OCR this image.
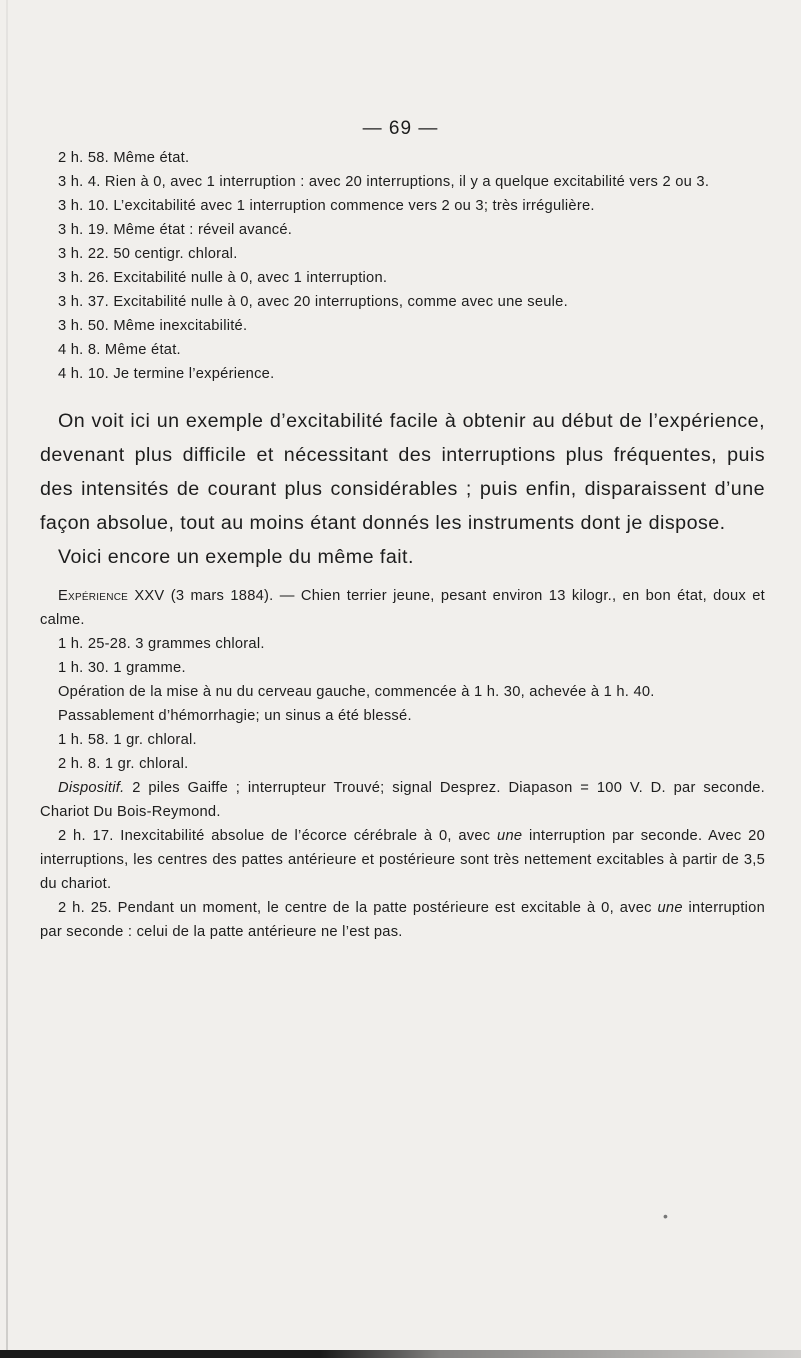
— 69 —

2 h. 58. Même état.

3 h. 4. Rien à 0, avec 1 interruption : avec 20 interruptions, il y a quelque excitabilité vers 2 ou 3.

3 h. 10. L’excitabilité avec 1 interruption commence vers 2 ou 3; très irrégulière.

3 h. 19. Même état : réveil avancé.

3 h. 22. 50 centigr. chloral.

3 h. 26. Excitabilité nulle à 0, avec 1 interruption.

3 h. 37. Excitabilité nulle à 0, avec 20 interruptions, comme avec une seule.

3 h. 50. Même inexcitabilité.

4 h. 8. Même état.

4 h. 10. Je termine l’expérience.

On voit ici un exemple d’excitabilité facile à obtenir au début de l’expérience, devenant plus difficile et nécessitant des interruptions plus fréquentes, puis des intensités de courant plus considérables ; puis enfin, disparaissent d’une façon absolue, tout au moins étant donnés les instruments dont je dispose.

Voici encore un exemple du même fait.

Expérience XXV (3 mars 1884). — Chien terrier jeune, pesant environ 13 kilogr., en bon état, doux et calme.

1 h. 25-28. 3 grammes chloral.

1 h. 30. 1 gramme.

Opération de la mise à nu du cerveau gauche, commencée à 1 h. 30, achevée à 1 h. 40.

Passablement d’hémorrhagie; un sinus a été blessé.

1 h. 58. 1 gr. chloral.

2 h. 8. 1 gr. chloral.

Dispositif. 2 piles Gaiffe ; interrupteur Trouvé; signal Desprez. Diapason = 100 V. D. par seconde. Chariot Du Bois-Reymond.

2 h. 17. Inexcitabilité absolue de l’écorce cérébrale à 0, avec une interruption par seconde. Avec 20 interruptions, les centres des pattes antérieure et postérieure sont très nettement excitables à partir de 3,5 du chariot.

2 h. 25. Pendant un moment, le centre de la patte postérieure est excitable à 0, avec une interruption par seconde : celui de la patte antérieure ne l’est pas.

•
